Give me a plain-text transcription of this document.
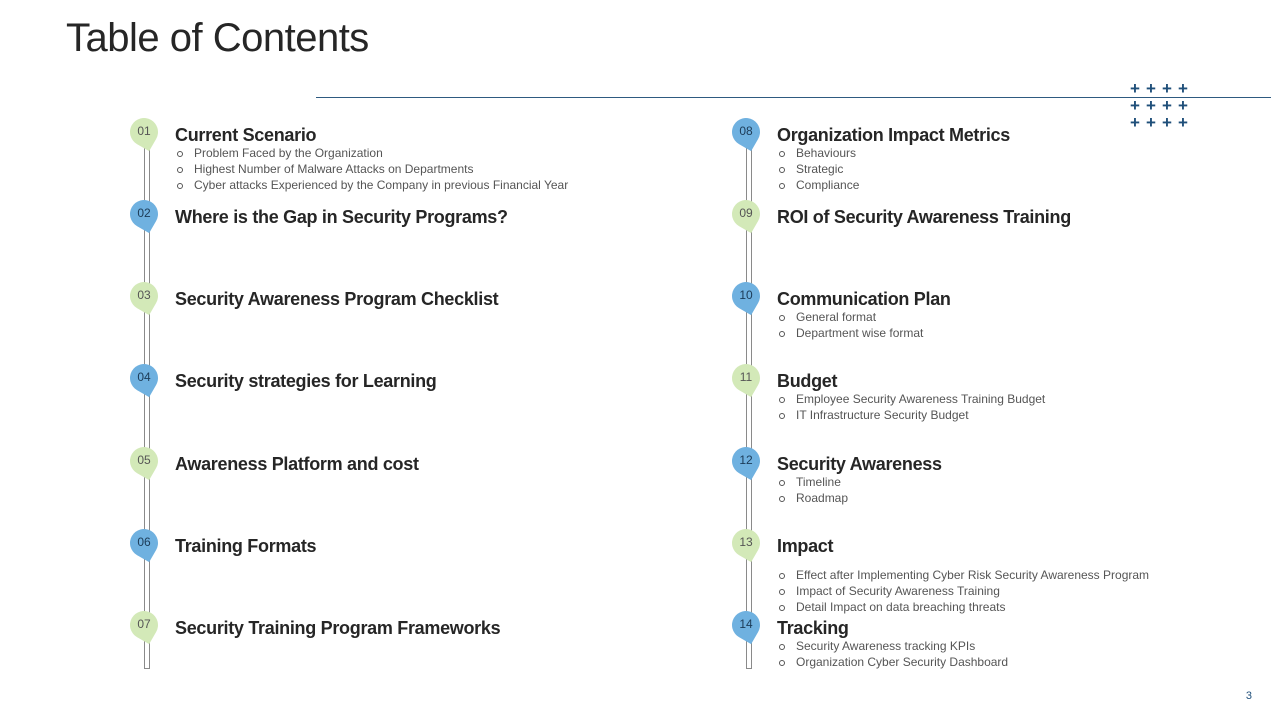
Table of Contents
+ + + +
+ + + +
+ + + +
01	Current Scenario
Problem Faced by the Organization
Highest Number of Malware Attacks on Departments
Cyber attacks Experienced by the Company in previous Financial Year
02	Where is the Gap in Security Programs?
03	Security Awareness Program Checklist
04	Security strategies for Learning
05	Awareness Platform and cost
06	Training Formats
07	Security Training Program Frameworks
08	Organization Impact Metrics
Behaviours
Strategic
Compliance
09	ROI of Security Awareness Training
10	Communication Plan
General format
Department wise format
11	Budget
Employee Security Awareness Training Budget
IT Infrastructure Security Budget
12	Security Awareness
Timeline
Roadmap
13	Impact
Effect after Implementing Cyber Risk Security Awareness Program
Impact of Security Awareness Training
Detail Impact on data breaching threats
14	Tracking
Security Awareness tracking KPIs
Organization Cyber Security Dashboard
3
